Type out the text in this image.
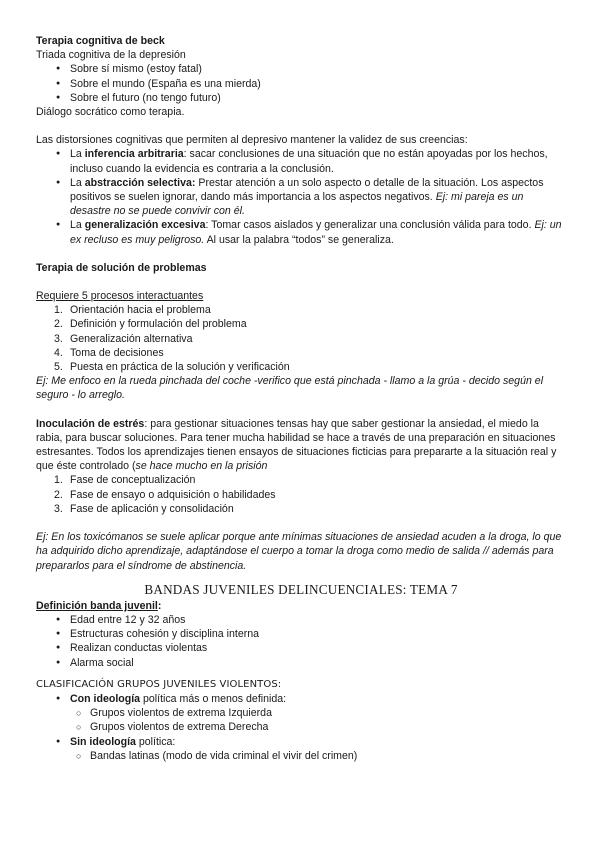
Terapia cognitiva de beck

Triada cognitiva de la depresión

● Sobre sí mismo (estoy fatal)
● Sobre el mundo (España es una mierda)
● Sobre el futuro (no tengo futuro)

Diálogo socrático como terapia.

Las distorsiones cognitivas que permiten al depresivo mantener la validez de sus creencias:

● La inferencia arbitraria: sacar conclusiones de una situación que no están apoyadas por los hechos, incluso cuando la evidencia es contraria a la conclusión.
● La abstracción selectiva: Prestar atención a un solo aspecto o detalle de la situación. Los aspectos positivos se suelen ignorar, dando más importancia a los aspectos negativos. Ej: mi pareja es un desastre no se puede convivir con él.
● La generalización excesiva: Tomar casos aislados y generalizar una conclusión válida para todo. Ej: un ex recluso es muy peligroso. Al usar la palabra “todos” se generaliza.

Terapia de solución de problemas

Requiere 5 procesos interactuantes

1. Orientación hacia el problema
2. Definición y formulación del problema
3. Generalización alternativa
4. Toma de decisiones
5. Puesta en práctica de la solución y verificación

Ej: Me enfoco en la rueda pinchada del coche -verifico que está pinchada - llamo a la grúa - decido según el seguro - lo arreglo.

Inoculación de estrés: para gestionar situaciones tensas hay que saber gestionar la ansiedad, el miedo la rabia, para buscar soluciones. Para tener mucha habilidad se hace a través de una preparación en situaciones estresantes. Todos los aprendizajes tienen ensayos de situaciones ficticias para prepararte a la situación real y que éste controlado (se hace mucho en la prisión

1. Fase de conceptualización
2. Fase de ensayo o adquisición o habilidades
3. Fase de aplicación y consolidación

Ej: En los toxicómanos se suele aplicar porque ante mínimas situaciones de ansiedad acuden a la droga, lo que ha adquirido dicho aprendizaje, adaptándose el cuerpo a tomar la droga como medio de salida // además para prepararlos para el síndrome de abstinencia.

BANDAS JUVENILES DELINCUENCIALES: TEMA 7

Definición banda juvenil:

● Edad entre 12 y 32 años
● Estructuras cohesión y disciplina interna
● Realizan conductas violentas
● Alarma social

CLASIFICACIÓN GRUPOS JUVENILES VIOLENTOS:

● Con ideología política más o menos definida:
○ Grupos violentos de extrema Izquierda
○ Grupos violentos de extrema Derecha
● Sin ideología política:
○ Bandas latinas (modo de vida criminal el vivir del crimen)
